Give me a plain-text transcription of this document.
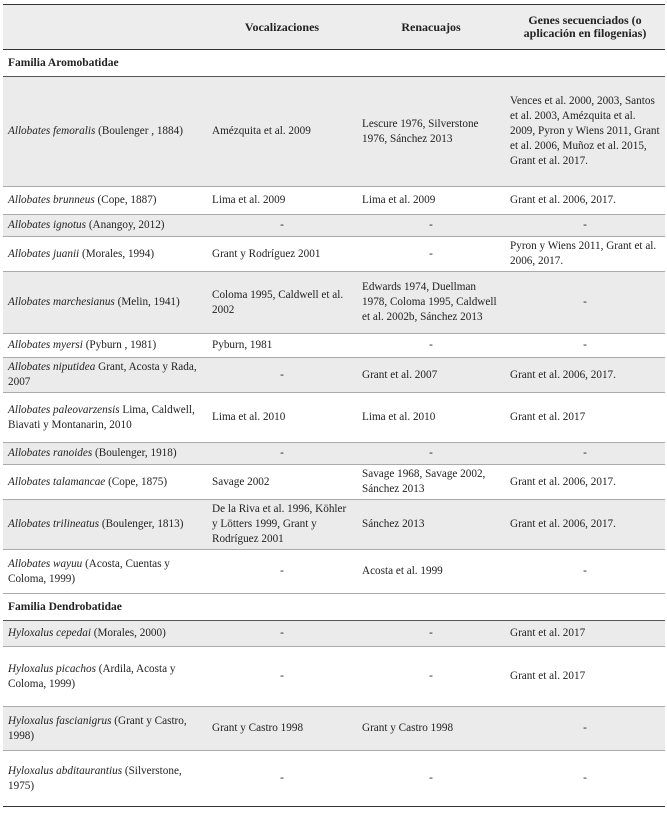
	Vocalizaciones	Renacuajos	Genes secuenciados (o aplicación en filogenias)
Familia Aromobatidae			
Allobates femoralis (Boulenger , 1884)	Amézquita et al. 2009	Lescure 1976, Silverstone 1976, Sánchez 2013	Vences et al. 2000, 2003, Santos et al. 2003, Amézquita et al. 2009, Pyron y Wiens 2011, Grant et al. 2006, Muñoz et al. 2015, Grant et al. 2017.
Allobates brunneus (Cope, 1887)	Lima et al. 2009	Lima et al. 2009	Grant et al. 2006, 2017.
Allobates ignotus (Anangoy, 2012)	-	-	-
Allobates juanii (Morales, 1994)	Grant y Rodríguez 2001	-	Pyron y Wiens 2011, Grant et al. 2006, 2017.
Allobates marchesianus (Melin, 1941)	Coloma 1995, Caldwell et al. 2002	Edwards 1974, Duellman 1978, Coloma 1995, Caldwell et al. 2002b, Sánchez 2013	-
Allobates myersi (Pyburn , 1981)	Pyburn, 1981	-	-
Allobates niputidea Grant, Acosta y Rada, 2007	-	Grant et al. 2007	Grant et al. 2006, 2017.
Allobates paleovarzensis Lima, Caldwell, Biavati y Montanarin, 2010	Lima et al. 2010	Lima et al. 2010	Grant et al. 2017
Allobates ranoides (Boulenger, 1918)	-	-	-
Allobates talamancae (Cope, 1875)	Savage 2002	Savage 1968, Savage 2002, Sánchez 2013	Grant et al. 2006, 2017.
Allobates trilineatus (Boulenger, 1813)	De la Riva et al. 1996, Köhler y Lötters 1999, Grant y Rodríguez 2001	Sánchez 2013	Grant et al. 2006, 2017.
Allobates wayuu (Acosta, Cuentas y Coloma, 1999)	-	Acosta et al. 1999	-
Familia Dendrobatidae			
Hyloxalus cepedai (Morales, 2000)	-	-	Grant et al. 2017
Hyloxalus picachos (Ardila, Acosta y Coloma, 1999)	-	-	Grant et al. 2017
Hyloxalus fascianigrus (Grant y Castro, 1998)	Grant y Castro 1998	Grant y Castro 1998	-
Hyloxalus abditaurantius (Silverstone, 1975)	-	-	-
